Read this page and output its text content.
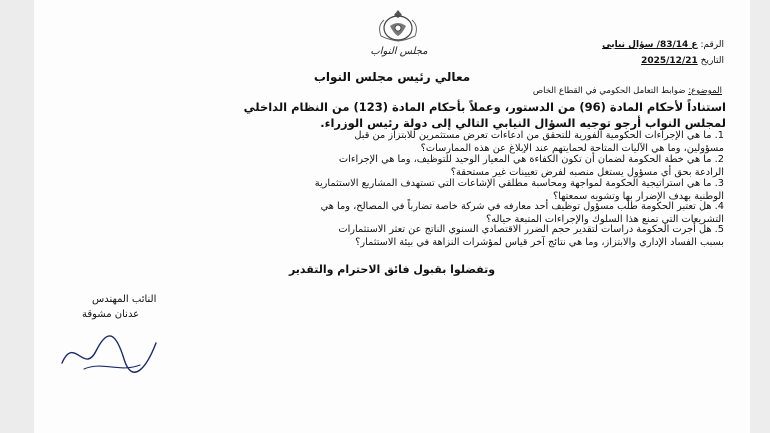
مجلس النواب
الرقم: ع 83/14/ سؤال نيابي
التاريخ 2025/12/21
معالي رئيس مجلس النواب
الموضوع: ضوابط التعامل الحكومي في القطاع الخاص
استناداً لأحكام المادة (96) من الدستور، وعملاً بأحكام المادة (123) من النظام الداخلي
لمجلس النواب أرجو توجيه السؤال النيابي التالي إلى دولة رئيس الوزراء.
1. ما هي الإجراءات الحكومية الفورية للتحقق من ادعاءات تعرض مستثمرين للابتزاز من قبل
مسؤولين، وما هي الآليات المتاحة لحمايتهم عند الإبلاغ عن هذه الممارسات؟
2. ما هي خطة الحكومة لضمان أن تكون الكفاءة هي المعيار الوحيد للتوظيف، وما هي الإجراءات
الرادعة بحق أي مسؤول يستغل منصبه لفرض تعيينات غير مستحقة؟
3. ما هي استراتيجية الحكومة لمواجهة ومحاسبة مطلقي الإشاعات التي تستهدف المشاريع الاستثمارية
الوطنية بهدف الإضرار بها وتشويه سمعتها؟
4. هل تعتبر الحكومة طلب مسؤول توظيف أحد معارفه في شركة خاصة تضارباً في المصالح، وما هي
التشريعات التي تمنع هذا السلوك والإجراءات المتبعة حياله؟
5. هل أجرت الحكومة دراسات لتقدير حجم الضرر الاقتصادي السنوي الناتج عن تعثر الاستثمارات
بسبب الفساد الإداري والابتزاز، وما هي نتائج آخر قياس لمؤشرات النزاهة في بيئة الاستثمار؟
وتفضلوا بقبول فائق الاحترام والتقدير
النائب المهندس
عدنان مشوقة
